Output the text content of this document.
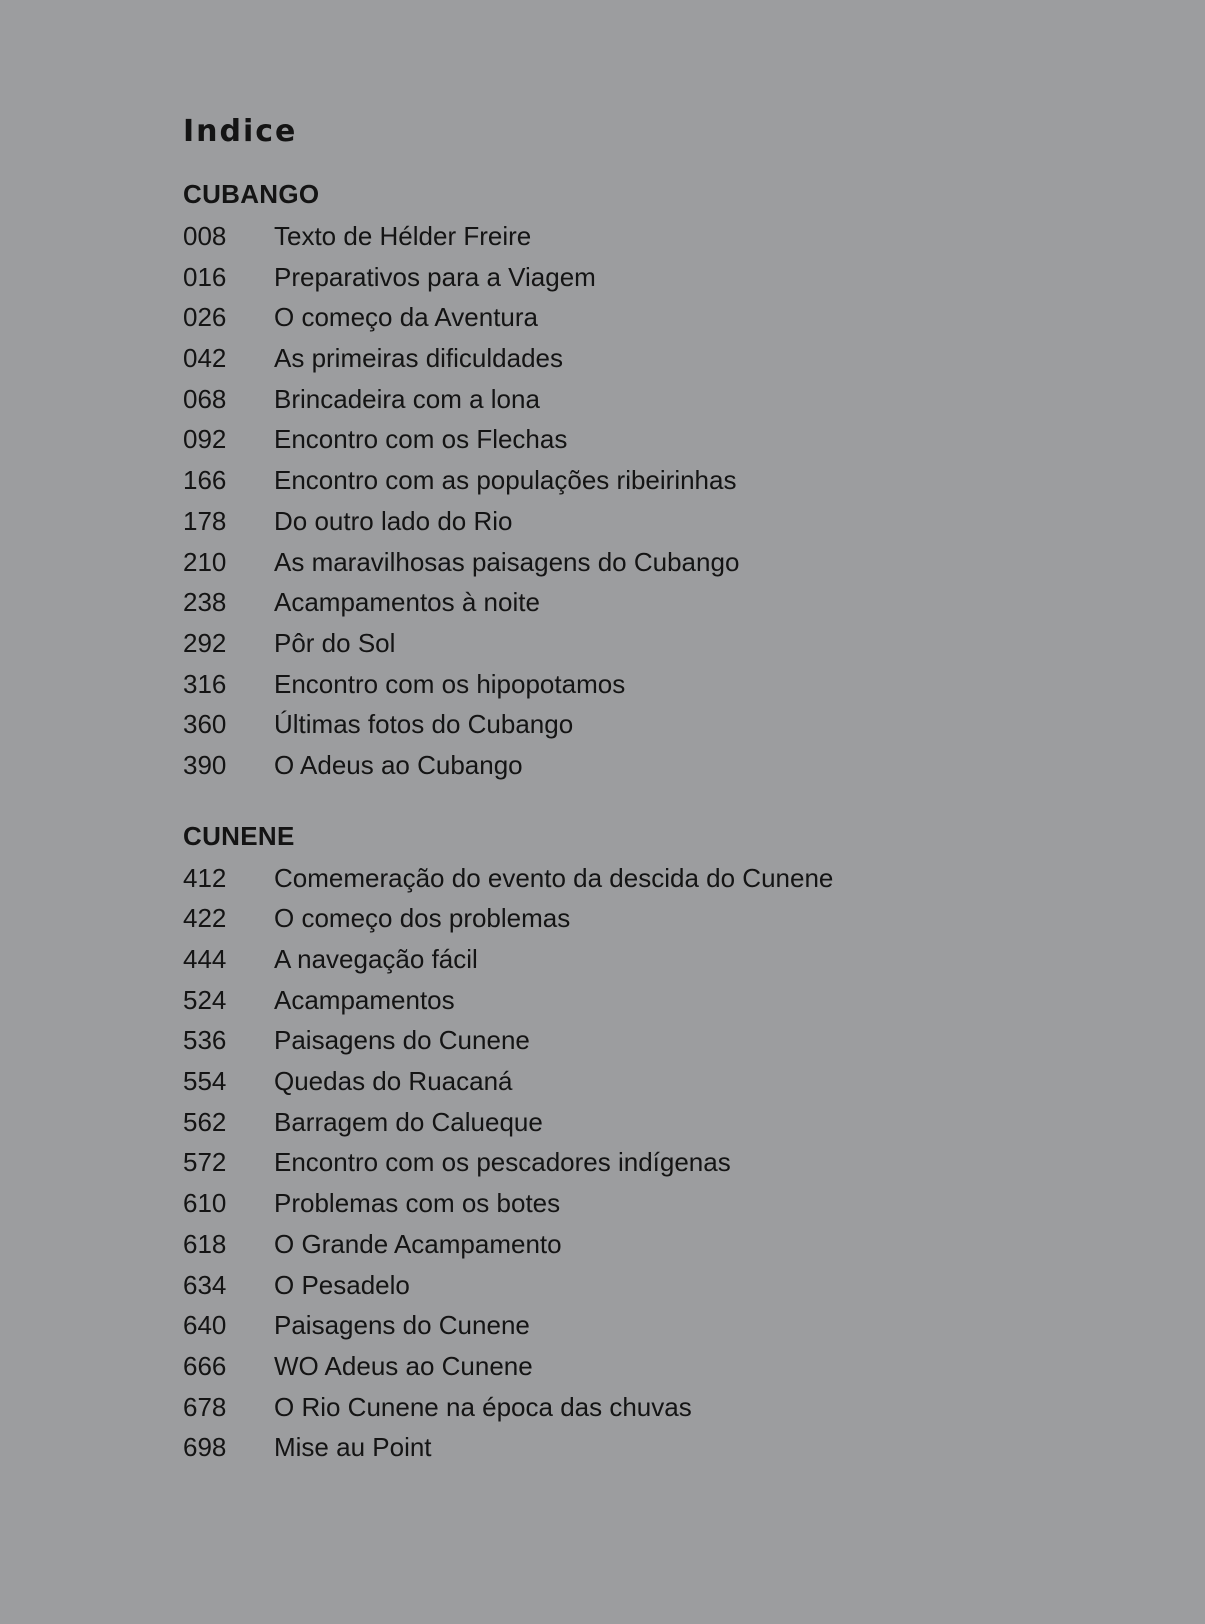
Indice
CUBANGO
008	Texto de Hélder Freire
016	Preparativos para a Viagem
026	O começo da Aventura
042	As primeiras dificuldades
068	Brincadeira com a lona
092	Encontro com os Flechas
166	Encontro com as populações ribeirinhas
178	Do outro lado do Rio
210	As maravilhosas paisagens do Cubango
238	Acampamentos à noite
292	Pôr do Sol
316	Encontro com os hipopotamos
360	Últimas fotos do Cubango
390	O Adeus ao Cubango
CUNENE
412	Comemeração do evento da descida do Cunene
422	O começo dos problemas
444	A navegação fácil
524	Acampamentos
536	Paisagens do Cunene
554	Quedas do Ruacaná
562	Barragem do Calueque
572	Encontro com os pescadores indígenas
610	Problemas com os botes
618	O Grande Acampamento
634	O Pesadelo
640	Paisagens do Cunene
666	WO Adeus ao Cunene
678	O Rio Cunene na época das chuvas
698	Mise au Point
